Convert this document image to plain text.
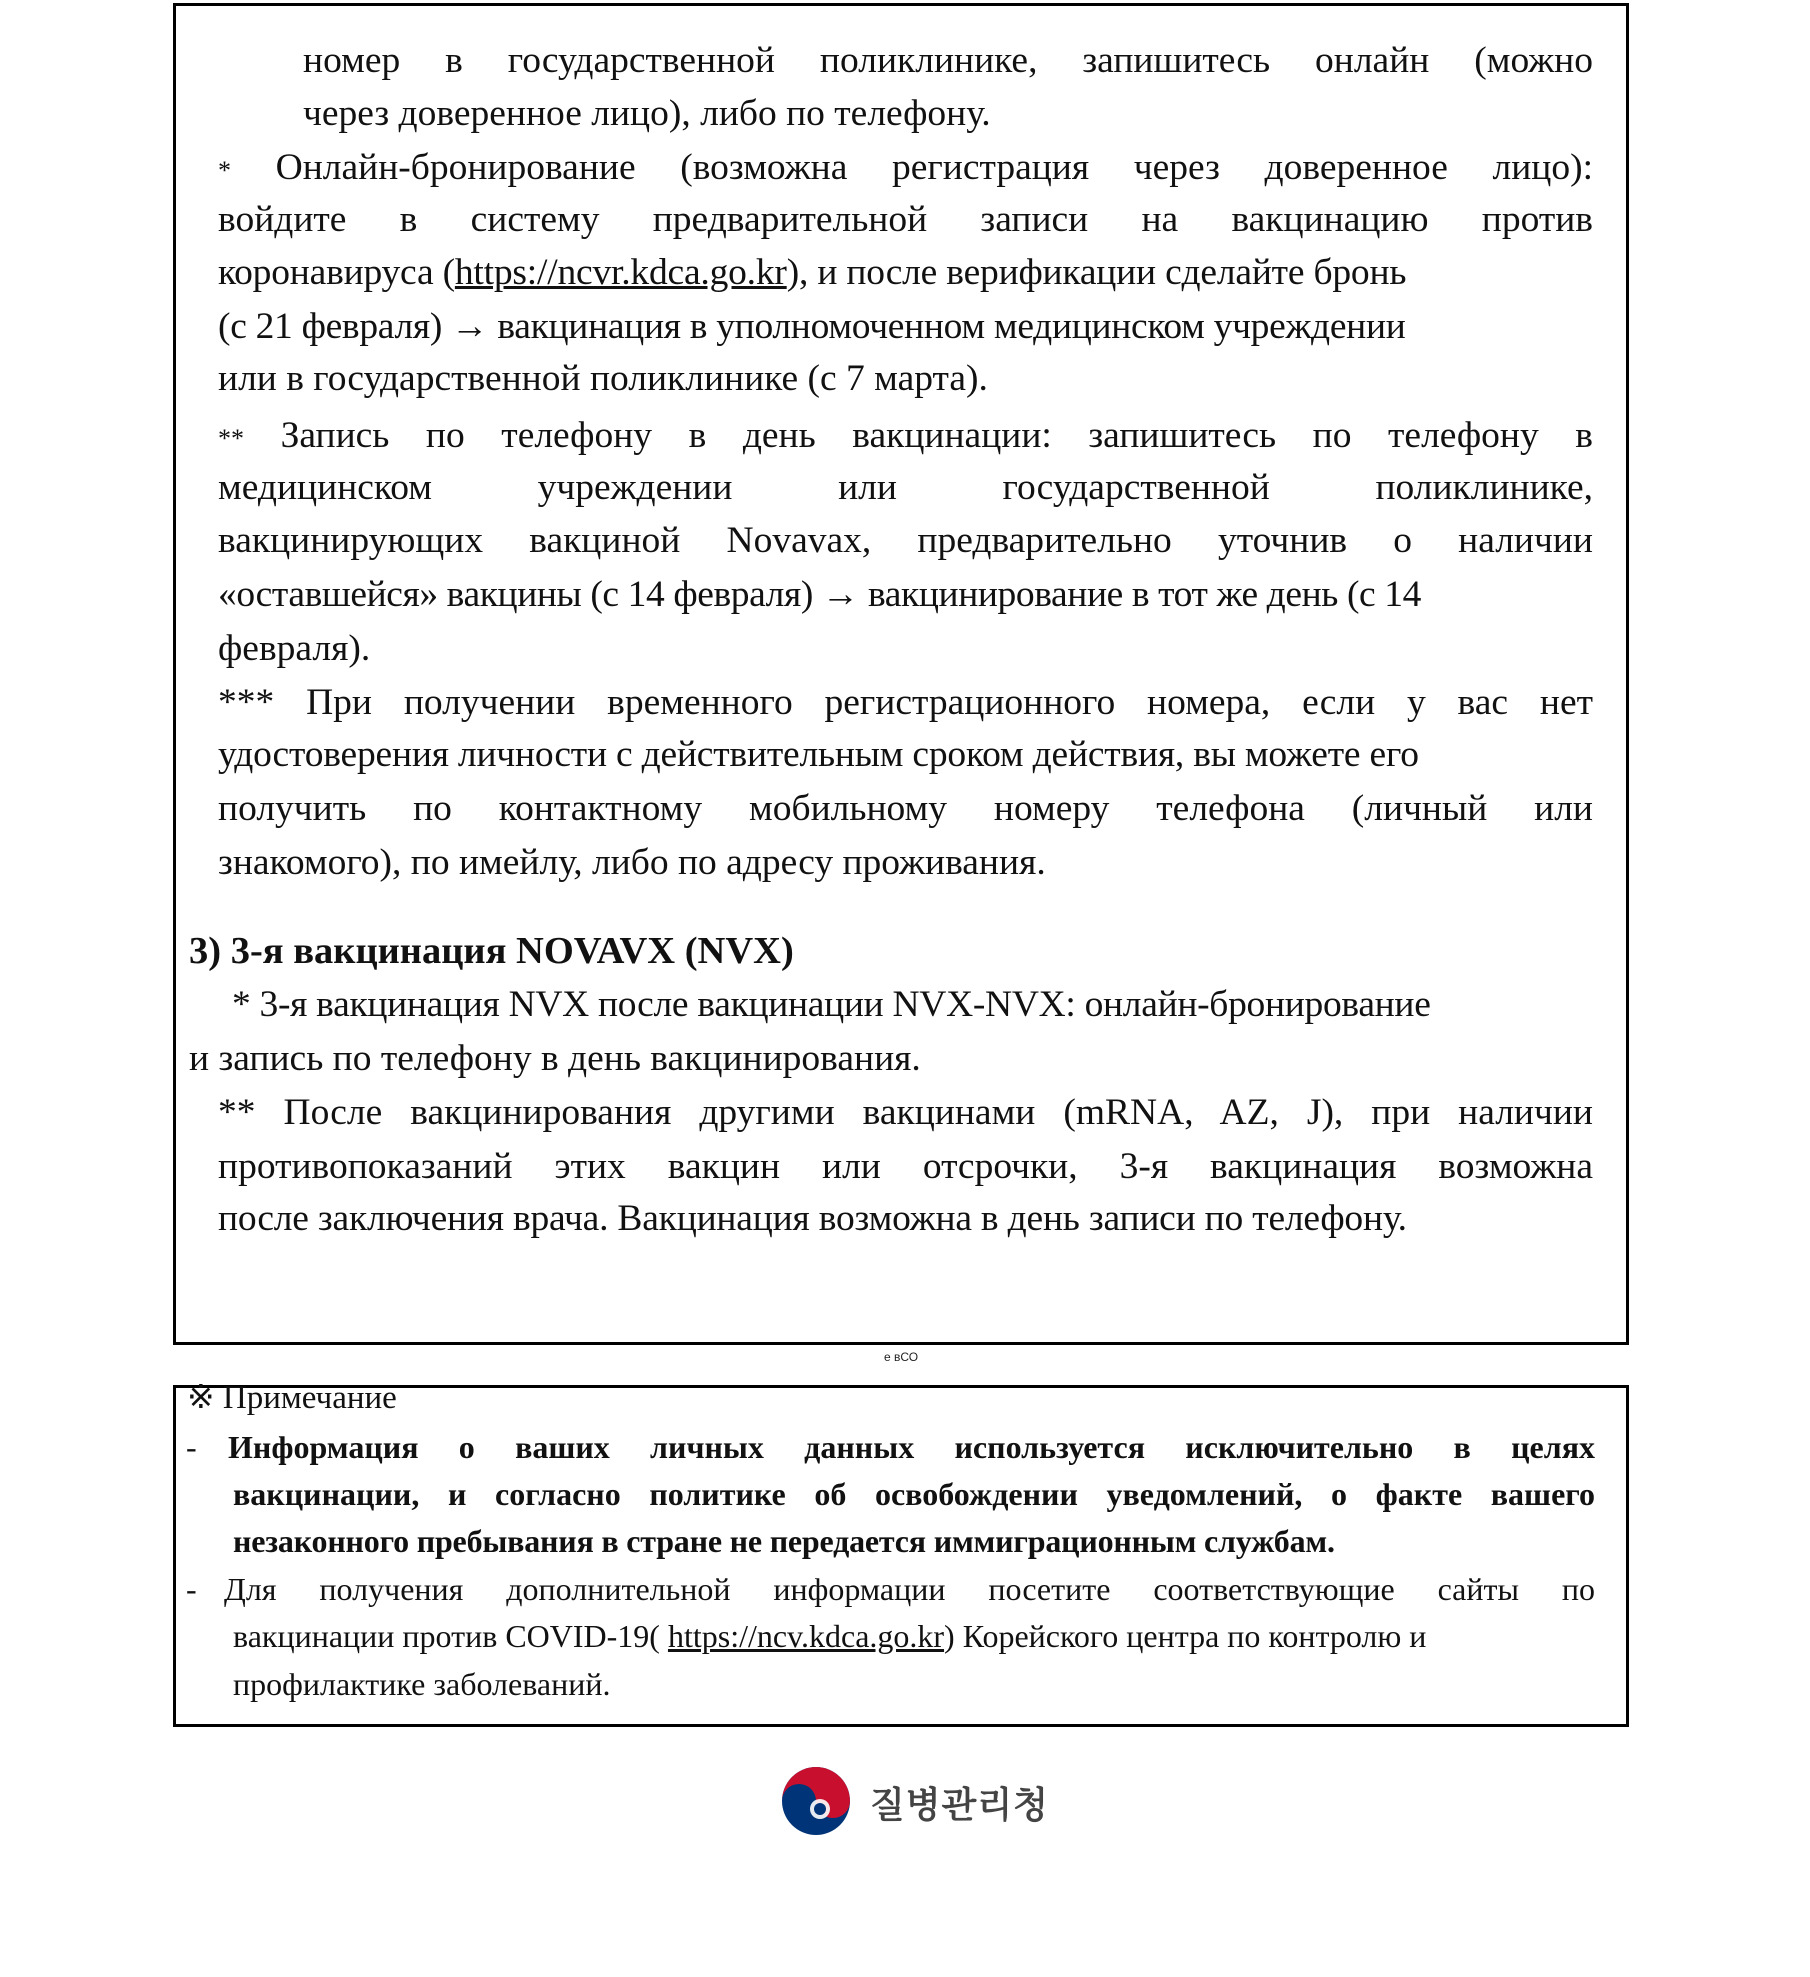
номер в государственной поликлинике, запишитесь онлайн (можно
через доверенное лицо), либо по телефону.
* Онлайн-бронирование (возможна регистрация через доверенное лицо):
войдите в систему предварительной записи на вакцинацию против
коронавируса (https://ncvr.kdca.go.kr), и после верификации сделайте бронь
(с 21 февраля) → вакцинация в уполномоченном медицинском учреждении
или в государственной поликлинике (с 7 марта).
** Запись по телефону в день вакцинации: запишитесь по телефону в
медицинском учреждении или государственной поликлинике,
вакцинирующих вакциной Novavax, предварительно уточнив о наличии
«оставшейся» вакцины (с 14 февраля) → вакцинирование в тот же день (с 14
февраля).
*** При получении временного регистрационного номера, если у вас нет
удостоверения личности с действительным сроком действия, вы можете его
получить по контактному мобильному номеру телефона (личный или
знакомого), по имейлу, либо по адресу проживания.
3) 3-я вакцинация NOVAVX (NVX)
* 3-я вакцинация NVX после вакцинации NVX-NVX: онлайн-бронирование
и запись по телефону в день вакцинирования.
** После вакцинирования другими вакцинами (mRNA, AZ, J), при наличии
противопоказаний этих вакцин или отсрочки, 3-я вакцинация возможна
после заключения врача. Вакцинация возможна в день записи по телефону.
е вСО
※ Примечание
- Информация о ваших личных данных используется исключительно в целях
вакцинации, и согласно политике об освобождении уведомлений, о факте вашего
незаконного пребывания в стране не передается иммиграционным службам.
- Для получения дополнительной информации посетите соответствующие сайты по
вакцинации против COVID-19( https://ncv.kdca.go.kr) Корейского центра по контролю и
профилактике заболеваний.
질병관리청
